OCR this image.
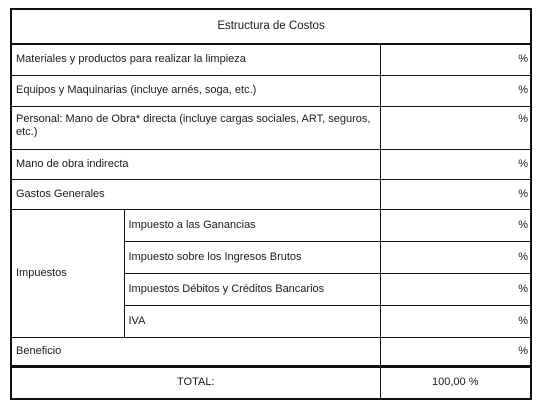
Estructura de Costos		
Materiales y productos para realizar la limpieza		%
Equipos y Maquinarias (incluye arnés, soga, etc.)		%
Personal: Mano de Obra* directa (incluye cargas sociales, ART, seguros, etc.)		%
Mano de obra indirecta		%
Gastos Generales		%
Impuestos	Impuesto a las Ganancias	%
	Impuesto sobre los Ingresos Brutos	%
	Impuestos Débitos y Créditos Bancarios	%
	IVA	%
Beneficio		%
TOTAL:		100,00 %
